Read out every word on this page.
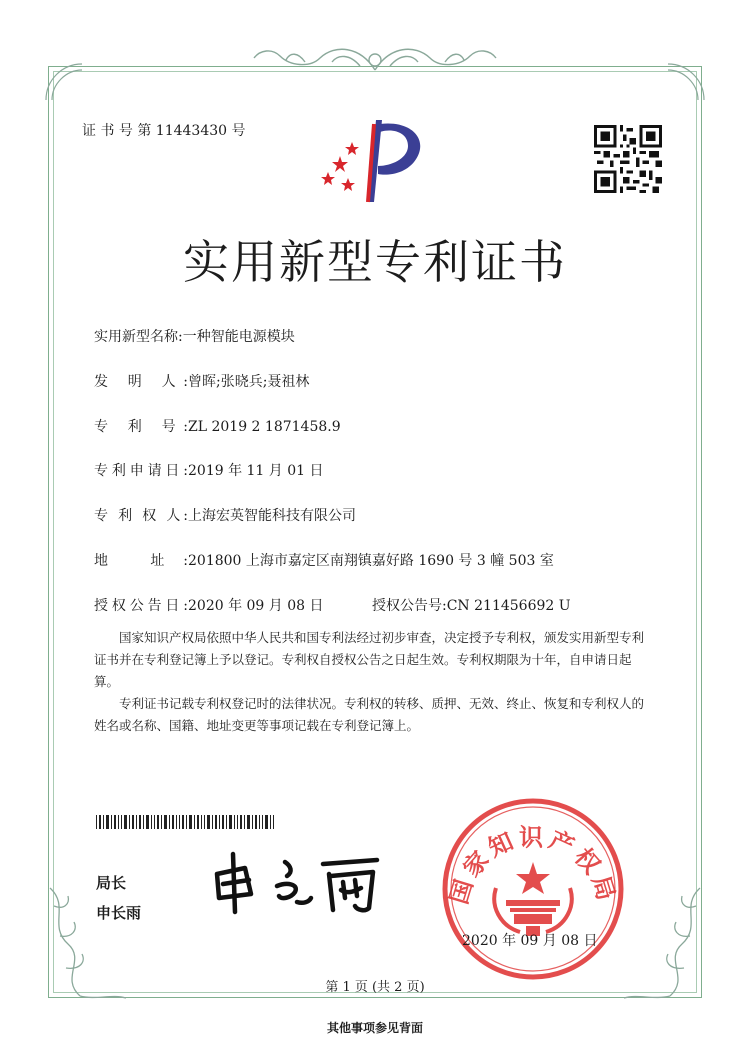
证 书 号 第 11443430 号
实用新型专利证书
实用新型名称:一种智能电源模块
发 明 人:曾晖;张晓兵;聂祖林
专 利 号:ZL 2019 2 1871458.9
专利申请日:2019 年 11 月 01 日
专 利 权 人:上海宏英智能科技有限公司
地 址:201800 上海市嘉定区南翔镇嘉好路 1690 号 3 幢 503 室
授权公告日:2020 年 09 月 08 日	授权公告号:CN 211456692 U

国家知识产权局依照中华人民共和国专利法经过初步审查，决定授予专利权，颁发实用新型专利证书并在专利登记簿上予以登记。专利权自授权公告之日起生效。专利权期限为十年，自申请日起算。

专利证书记载专利权登记时的法律状况。专利权的转移、质押、无效、终止、恢复和专利权人的姓名或名称、国籍、地址变更等事项记载在专利登记簿上。

局长
申长雨
国家知识产权局
2020 年 09 月 08 日
第 1 页 (共 2 页)
其他事项参见背面
